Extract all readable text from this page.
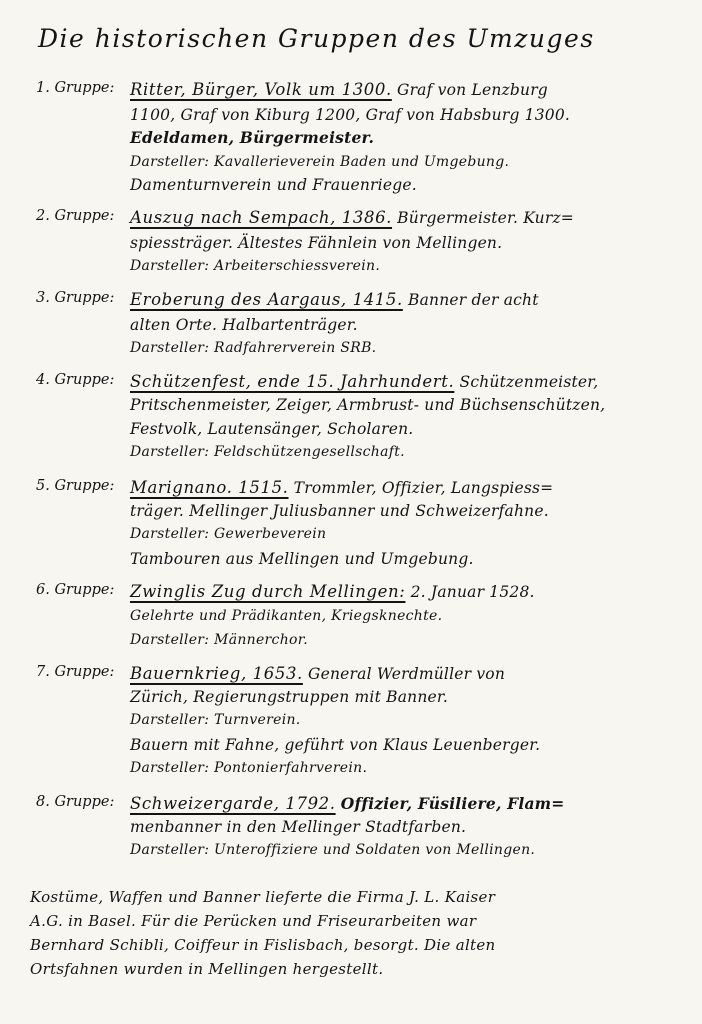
Die historischen Gruppen des Umzuges
1. Gruppe: Ritter, Bürger, Volk um 1300. Graf von Lenzburg
1100, Graf von Kiburg 1200, Graf von Habsburg 1300.
Edeldamen, Bürgermeister.
Darsteller: Kavallerieverein Baden und Umgebung.
Damenturnverein und Frauenriege.
2. Gruppe: Auszug nach Sempach, 1386. Bürgermeister. Kurz=
spiessträger. Ältestes Fähnlein von Mellingen.
Darsteller: Arbeiterschiessverein.
3. Gruppe: Eroberung des Aargaus, 1415. Banner der acht
alten Orte. Halbartenträger.
Darsteller: Radfahrerverein SRB.
4. Gruppe: Schützenfest, ende 15. Jahrhundert. Schützenmeister,
Pritschenmeister, Zeiger, Armbrust- und Büchsenschützen,
Festvolk, Lautensänger, Scholaren.
Darsteller: Feldschützengesellschaft.
5. Gruppe: Marignano. 1515. Trommler, Offizier, Langspiess=
träger. Mellinger Juliusbanner und Schweizerfahne.
Darsteller: Gewerbeverein
Tambouren aus Mellingen und Umgebung.
6. Gruppe: Zwinglis Zug durch Mellingen: 2. Januar 1528.
Gelehrte und Prädikanten, Kriegsknechte.
Darsteller: Männerchor.
7. Gruppe: Bauernkrieg, 1653. General Werdmüller von
Zürich, Regierungstruppen mit Banner.
Darsteller: Turnverein.
Bauern mit Fahne, geführt von Klaus Leuenberger.
Darsteller: Pontonierfahrverein.
8. Gruppe: Schweizergarde, 1792. Offizier, Füsiliere, Flam=
menbanner in den Mellinger Stadtfarben.
Darsteller: Unteroffiziere und Soldaten von Mellingen.
Kostüme, Waffen und Banner lieferte die Firma J. L. Kaiser
A.G. in Basel. Für die Perücken und Friseurarbeiten war
Bernhard Schibli, Coiffeur in Fislisbach, besorgt. Die alten
Ortsfahnen wurden in Mellingen hergestellt.
